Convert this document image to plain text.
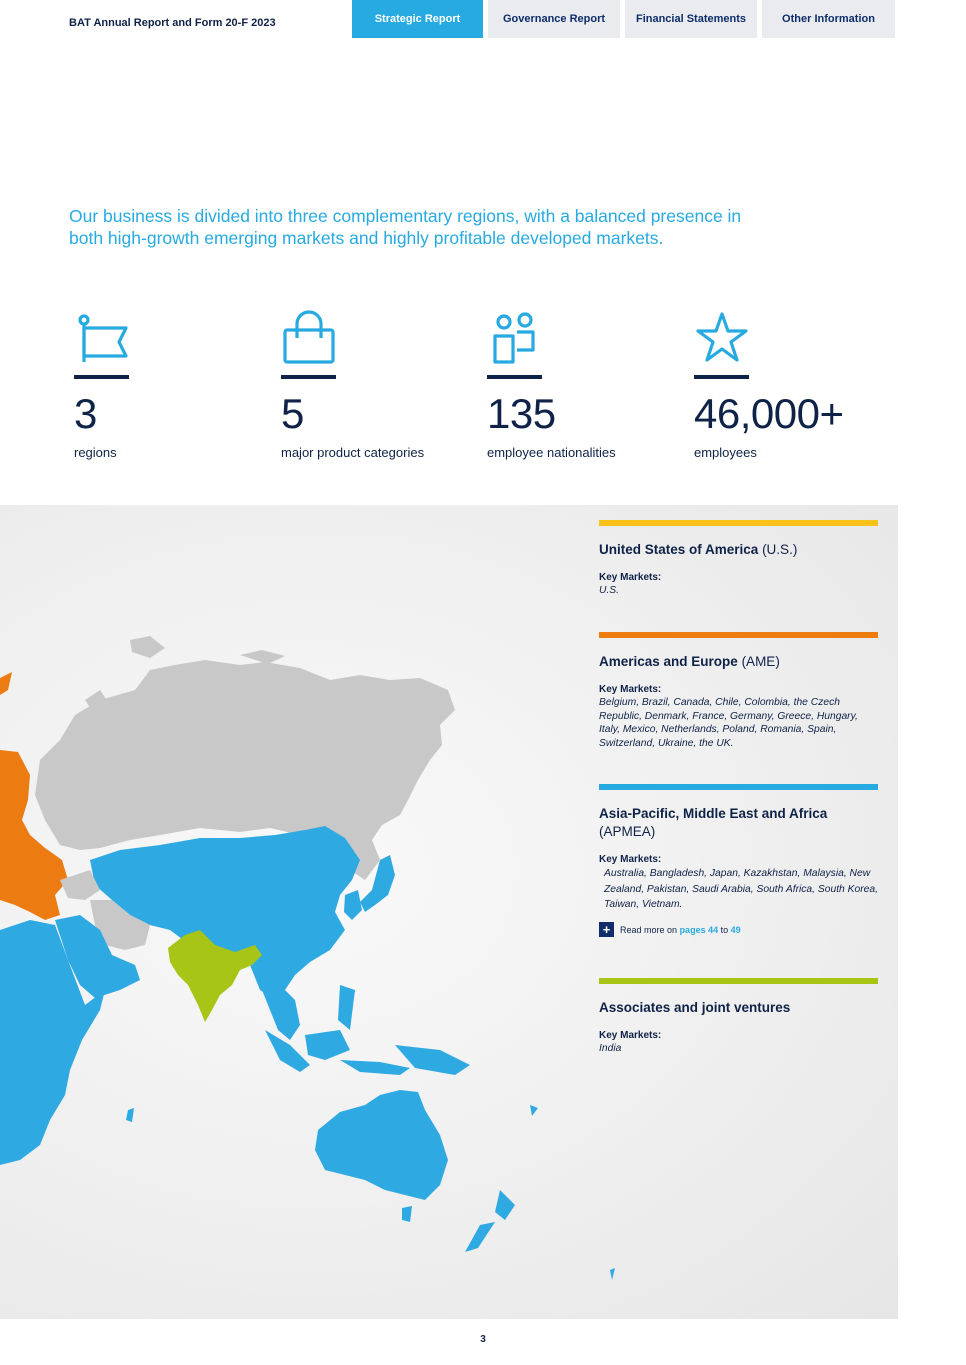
BAT Annual Report and Form 20-F 2023	Strategic Report	Governance Report	Financial Statements	Other Information

Our business is divided into three complementary regions, with a balanced presence in both high-growth emerging markets and highly profitable developed markets.

3
regions
5
major product categories
135
employee nationalities
46,000+
employees
United States of America (U.S.)
Key Markets:
U.S.
Americas and Europe (AME)
Key Markets:
Belgium, Brazil, Canada, Chile, Colombia, the Czech Republic, Denmark, France, Germany, Greece, Hungary, Italy, Mexico, Netherlands, Poland, Romania, Spain, Switzerland, Ukraine, the UK.
Asia-Pacific, Middle East and Africa
(APMEA)
Key Markets:
Australia, Bangladesh, Japan, Kazakhstan, Malaysia, New Zealand, Pakistan, Saudi Arabia, South Africa, South Korea, Taiwan, Vietnam.
+	Read more on
pages 44
to
49
Associates and joint ventures
Key Markets:
India
3
